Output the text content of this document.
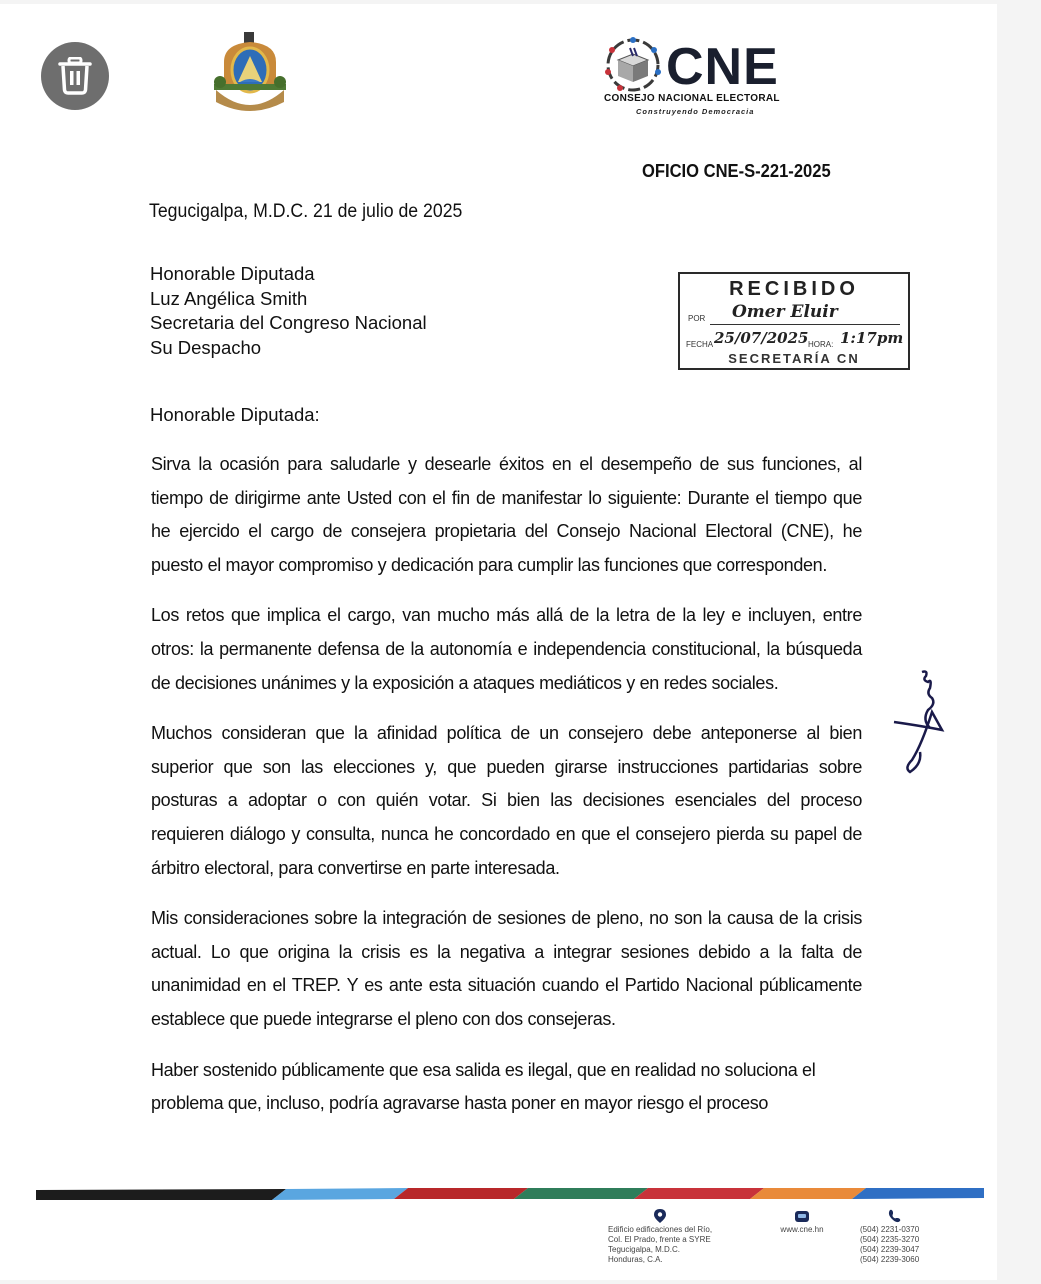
CNE
CONSEJO NACIONAL ELECTORAL
Construyendo Democracia
OFICIO CNE-S-221-2025
Tegucigalpa, M.D.C. 21 de julio de 2025
Honorable Diputada
Luz Angélica Smith
Secretaria del Congreso Nacional
Su Despacho
RECIBIDO
POR Omer Eluir
FECHA 25/07/2025 HORA: 1:17pm
SECRETARÍA CN
Honorable Diputada:

Sirva la ocasión para saludarle y desearle éxitos en el desempeño de sus funciones, al tiempo de dirigirme ante Usted con el fin de manifestar lo siguiente: Durante el tiempo que he ejercido el cargo de consejera propietaria del Consejo Nacional Electoral (CNE), he puesto el mayor compromiso y dedicación para cumplir las funciones que corresponden.

Los retos que implica el cargo, van mucho más allá de la letra de la ley e incluyen, entre otros: la permanente defensa de la autonomía e independencia constitucional, la búsqueda de decisiones unánimes y la exposición a ataques mediáticos y en redes sociales.

Muchos consideran que la afinidad política de un consejero debe anteponerse al bien superior que son las elecciones y, que pueden girarse instrucciones partidarias sobre posturas a adoptar o con quién votar. Si bien las decisiones esenciales del proceso requieren diálogo y consulta, nunca he concordado en que el consejero pierda su papel de árbitro electoral, para convertirse en parte interesada.

Mis consideraciones sobre la integración de sesiones de pleno, no son la causa de la crisis actual. Lo que origina la crisis es la negativa a integrar sesiones debido a la falta de unanimidad en el TREP. Y es ante esta situación cuando el Partido Nacional públicamente establece que puede integrarse el pleno con dos consejeras.

Haber sostenido públicamente que esa salida es ilegal, que en realidad no soluciona el problema que, incluso, podría agravarse hasta poner en mayor riesgo el proceso

Edificio edificaciones del Río,
Col. El Prado, frente a SYRE
Tegucigalpa, M.D.C.
Honduras, C.A.
www.cne.hn	(504) 2231-0370
(504) 2235-3270
(504) 2239-3047
(504) 2239-3060
